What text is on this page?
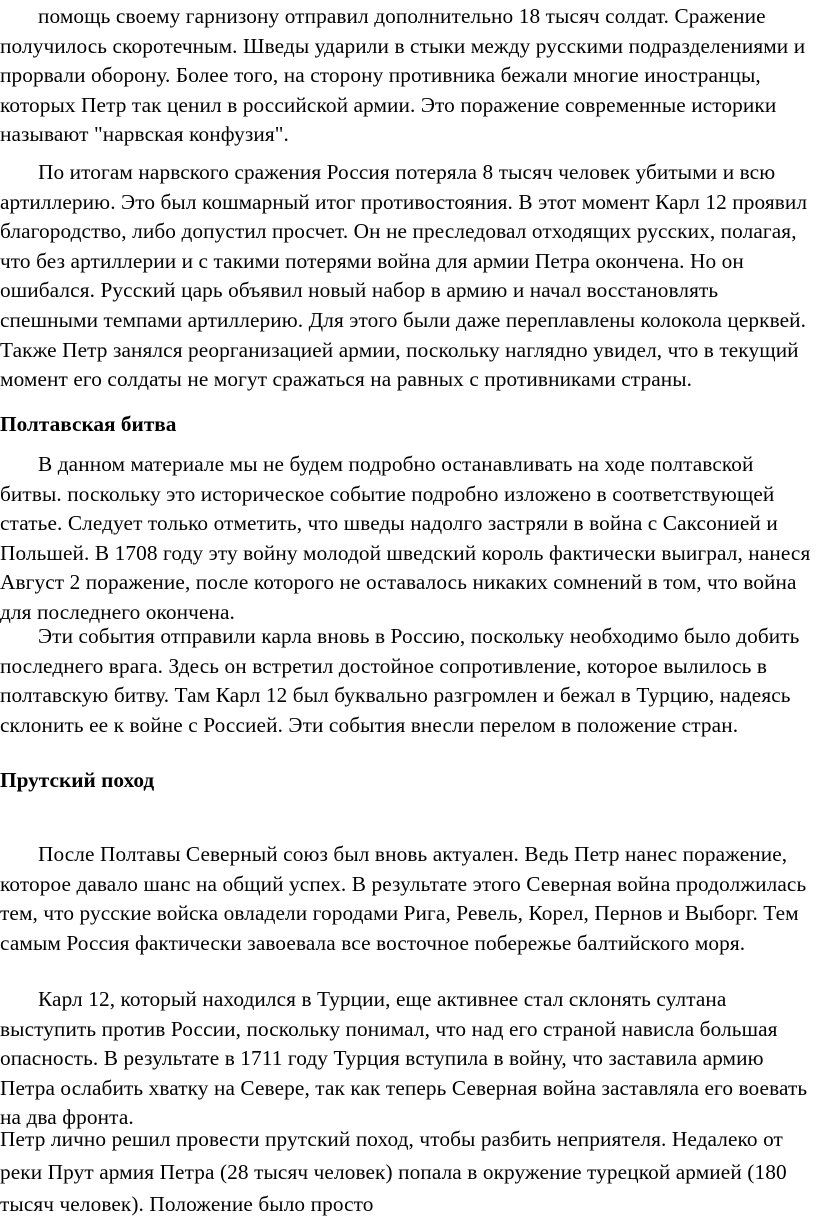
помощь своему гарнизону отправил дополнительно 18 тысяч солдат. Сражение получилось скоротечным. Шведы ударили в стыки между русскими подразделениями и прорвали оборону. Более того, на сторону противника бежали многие иностранцы, которых Петр так ценил в российской армии. Это поражение современные историки называют "нарвская конфузия".

По итогам нарвского сражения Россия потеряла 8 тысяч человек убитыми и всю артиллерию. Это был кошмарный итог противостояния. В этот момент Карл 12 проявил благородство, либо допустил просчет. Он не преследовал отходящих русских, полагая, что без артиллерии и с такими потерями война для армии Петра окончена. Но он ошибался. Русский царь объявил новый набор в армию и начал восстановлять спешными темпами артиллерию. Для этого были даже переплавлены колокола церквей. Также Петр занялся реорганизацией армии, поскольку наглядно увидел, что в текущий момент его солдаты не могут сражаться на равных с противниками страны.

Полтавская битва

В данном материале мы не будем подробно останавливать на ходе полтавской битвы. поскольку это историческое событие подробно изложено в соответствующей статье. Следует только отметить, что шведы надолго застряли в война с Саксонией и Польшей. В 1708 году эту войну молодой шведский король фактически выиграл, нанеся Август 2 поражение, после которого не оставалось никаких сомнений в том, что война для последнего окончена.

Эти события отправили карла вновь в Россию, поскольку необходимо было добить последнего врага. Здесь он встретил достойное сопротивление, которое вылилось в полтавскую битву. Там Карл 12 был буквально разгромлен и бежал в Турцию, надеясь склонить ее к войне с Россией. Эти события внесли перелом в положение стран.

Прутский поход

После Полтавы Северный союз был вновь актуален. Ведь Петр нанес поражение, которое давало шанс на общий успех. В результате этого Северная война продолжилась тем, что русские войска овладели городами Рига, Ревель, Корел, Пернов и Выборг. Тем самым Россия фактически завоевала все восточное побережье балтийского моря.

Карл 12, который находился в Турции, еще активнее стал склонять султана выступить против России, поскольку понимал, что над его страной нависла большая опасность. В результате в 1711 году Турция вступила в войну, что заставила армию Петра ослабить хватку на Севере, так как теперь Северная война заставляла его воевать на два фронта.

Петр лично решил провести прутский поход, чтобы разбить неприятеля. Недалеко от реки Прут армия Петра (28 тысяч человек) попала в окружение турецкой армией (180 тысяч человек). Положение было просто
